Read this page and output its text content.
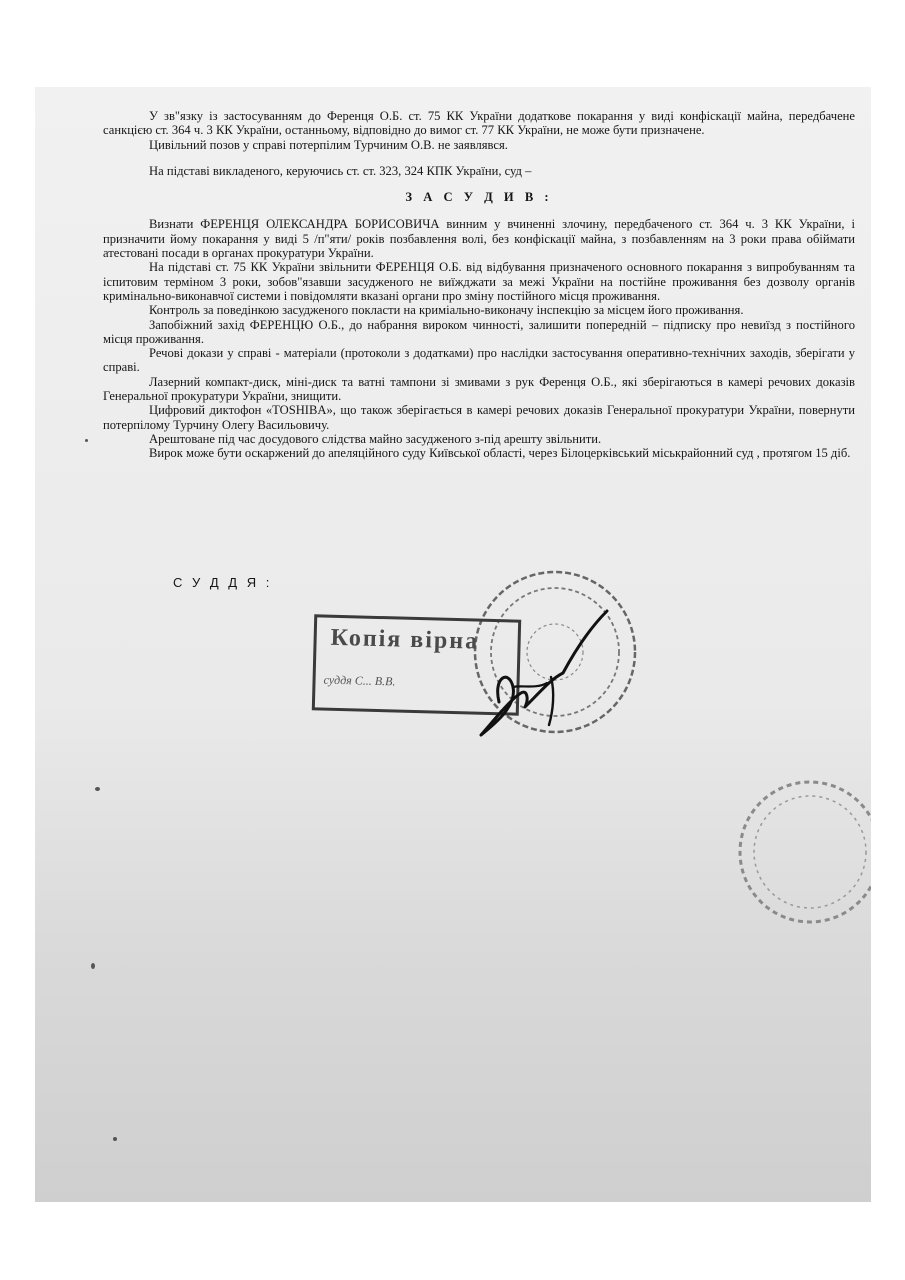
У зв"язку із застосуванням до Ференця О.Б. ст. 75 КК України додаткове покарання у виді конфіскації майна, передбачене санкцією ст. 364 ч. 3 КК України, останньому, відповідно до вимог ст. 77 КК України, не може бути призначене.

Цивільний позов у справі потерпілим Турчиним О.В. не заявлявся.

На підставі викладеного, керуючись ст. ст. 323, 324 КПК України, суд –

З А С У Д И В :

Визнати ФЕРЕНЦЯ ОЛЕКСАНДРА БОРИСОВИЧА винним у вчиненні злочину, передбаченого ст. 364 ч. 3 КК України, і призначити йому покарання у виді 5 /п"яти/ років позбавлення волі, без конфіскації майна, з позбавленням на 3 роки права обіймати атестовані посади в органах прокуратури України.

На підставі ст. 75 КК України звільнити ФЕРЕНЦЯ О.Б. від відбування призначеного основного покарання з випробуванням та іспитовим терміном 3 роки, зобов"язавши засудженого не виїжджати за межі України на постійне проживання без дозволу органів кримінально-виконавчої системи і повідомляти вказані органи про зміну постійного місця проживання.

Контроль за поведінкою засудженого покласти на криміально-виконачу інспекцію за місцем його проживання.

Запобіжний захід ФЕРЕНЦЮ О.Б., до набрання вироком чинності, залишити попередній – підписку про невиїзд з постійного місця проживання.

Речові докази у справі - матеріали (протоколи з додатками) про наслідки застосування оперативно-технічних заходів, зберігати у справі.

Лазерний компакт-диск, міні-диск та ватні тампони зі змивами з рук Ференця О.Б., які зберігаються в камері речових доказів Генеральної прокуратури України, знищити.

Цифровий диктофон «TOSHIBA», що також зберігається в камері речових доказів Генеральної прокуратури України, повернути потерпілому Турчину Олегу Васильовичу.

Арештоване під час досудового слідства майно засудженого з-під арешту звільнити.

Вирок може бути оскаржений до апеляційного суду Київської області, через Білоцерківський міськрайонний суд , протягом 15 діб.

С У Д Д Я :
Копія вірна
суддя С... В.В.
